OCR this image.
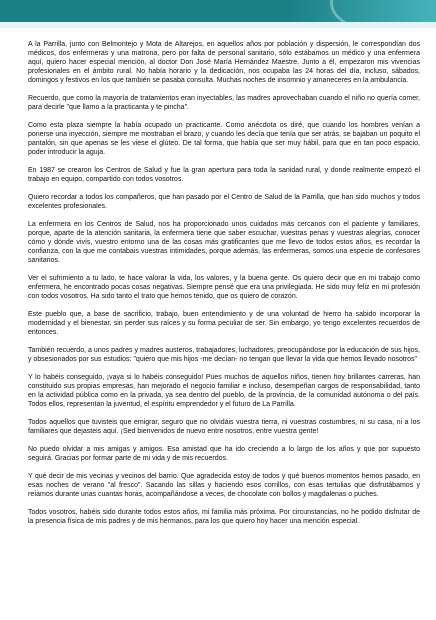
A la Parrilla, junto con Belmontejo y Mota de Altarejos, en aquellos años por población y dispersión, le correspondían dos médicos, dos enfermeras y una matrona, pero por falta de personal sanitario, sólo estábamos un médico y una enfermera aquí, quiero hacer especial mención, al doctor Don José María Hernández Maestre. Junto a él, empezaron mis vivencias profesionales en el ámbito rural. No había horario y la dedicación, nos ocupaba las 24 horas del día, incluso, sábados, domingos y festivos en los que también se pasaba consulta. Muchas noches de insomnio y amaneceres en la ambulancia.

Recuerdo, que como la mayoría de tratamientos eran inyectables, las madres aprovechaban cuando el niño no quería comer, para decirle "que llamo a la practicanta y te pincha".

Como esta plaza siempre la había ocupado un practicante. Como anécdota os diré, que cuando los hombres venían a ponerse una inyección, siempre me mostraban el brazo, y cuando les decía que tenía que ser atrás, se bajaban un poquito el pantalón, sin que apenas se les viese el glúteo. De tal forma, que había que ser muy hábil, para que en tan poco espacio, poder introducir la aguja.

En 1987 se crearon los Centros de Salud y fue la gran apertura para toda la sanidad rural, y donde realmente empezó el trabajo en equipo, compartido con todos vosotros.

Quiero recordar a todos los compañeros, que han pasado por el Centro de Salud de la Parrilla, que han sido muchos y todos excelentes profesionales.

La enfermera en los Centros de Salud, nos ha proporcionado unos cuidados más cercanos con el paciente y familiares, porque, aparte de la atención sanitaria, la enfermera tiene que saber escuchar, vuestras penas y vuestras alegrías, conocer cómo y dónde vivís, vuestro entorno una de las cosas más gratificantes que me llevo de todos estos años, es recordar la confianza, con la que me contabais vuestras intimidades, porque además, las enfermeras, somos una especie de confesores sanitarios.

Ver el sufrimiento a tu lado, te hace valorar la vida, los valores, y la buena gente. Os quiero decir que en mi trabajo como enfermera, he encontrado pocas cosas negativas. Siempre pensé que era una privilegiada. He sido muy feliz en mi profesión con todos vosotros. Ha sido tanto el trato que hemos tenido, que os quiero de corazón.

Este pueblo que, a base de sacrificio, trabajo, buen entendimiento y de una voluntad de hierro ha sabido incorporar la modernidad y el bienestar, sin perder sus raíces y su forma peculiar de ser. Sin embargo, yo tengo excelentes recuerdos de entonces.

También recuerdo, a unos padres y madres austeros, trabajadores, luchadores, preocupándose por la educación de sus hijos, y obsesionados por sus estudios: "quiero que mis hijos -me decían- no tengan que llevar la vida que hemos llevado nosotros"

Y lo habéis conseguido, ¡vaya si lo habéis conseguido! Pues muchos de aquellos niños, tienen hoy brillantes carreras, han constituido sus propias empresas, han mejorado el negocio familiar e incluso, desempeñan cargos de responsabilidad, tanto en la actividad pública como en la privada, ya sea dentro del pueblo, de la provincia, de la comunidad autónoma o del país. Todos ellos, representan la juventud, el espíritu emprendedor y el futuro de La Parrilla.

Todos aquellos que tuvisteis que emigrar, seguro que no olvidáis vuestra tierra, ni vuestras costumbres, ni su casa, ni a los familiares que dejasteis aquí. ¡Sed bienvenidos de nuevo entre nosotros, entre vuestra gente!

No puedo olvidar a mis amigas y amigos. Esa amistad que ha ido creciendo a lo largo de los años y que por supuesto seguirá. Gracias por formar parte de mi vida y de mis recuerdos.

Y qué decir de mis vecinas y vecinos del barrio. Que agradecida estoy de todos y qué buenos momentos hemos pasado, en esas noches de verano "al fresco". Sacando las sillas y haciendo esos corrillos, con esas tertulias que disfrutábamos y reíamos durante unas cuantas horas, acompañándose a veces, de chocolate con bollos y magdalenas o puches.

Todos vosotros, habéis sido durante todos estos años, mi familia más próxima. Por circunstancias, no he podido disfrutar de la presencia física de mis padres y de mis hermanos, para los que quiero hoy hacer una mención especial.
